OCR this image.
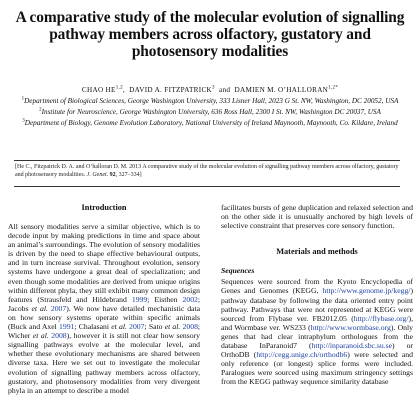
A comparative study of the molecular evolution of signalling pathway members across olfactory, gustatory and photosensory modalities
CHAO HE$^{1,2}$,  DAVID A. FITZPATRICK$^3$  and  DAMIEN M. $O’HALLORAN^{1,2*}$
$^1$Department of Biological Sciences, George Washington University, 333 Lisner Hall, 2023 G St. NW, Washington, DC 20052, USA
$^2$Institute for Neuroscience, George Washington University, 636 Ross Hall, 2300 I St. NW, Washington DC 20037, USA
$^3$Department of Biology, Genome Evolution Laboratory, National University of Ireland Maynooth, Maynooth, Co. Kildare, Ireland
[He C., Fitzpatrick D. A. and O’halloran D. M. 2013 A comparative study of the molecular evolution of signalling pathway members across olfactory, gustatory and photosensory modalities. J. Genet. 92, 327–334]
Introduction

All sensory modalities serve a similar objective, which is to decode input by making predictions in time and space about an animal’s surroundings. The evolution of sensory modalities is driven by the need to shape effective behavioural outputs, and in turn increase survival. Throughout evolution, sensory systems have undergone a great deal of specialization; and even though some modalities are derived from unique origins within different phyla, they still exhibit many common design features (Strausfeld and Hildebrand 1999; Eisthen 2002; Jacobs et al. 2007). We now have detailed mechanistic data on how sensory systems operate within specific animals (Buck and Axel 1991; Chalasani et al. 2007; Sato et al. 2008; Wicher et al. 2008), however it is still not clear how sensory signalling pathways evolve at the molecular level, and whether these evolutionary mechanisms are shared between diverse taxa. Here we set out to investigate the molecular evolution of signalling pathway members across olfactory, gustatory, and photosensory modalities from very divergent phyla in an attempt to describe a model

facilitates bursts of gene duplication and relaxed selection and on the other side it is unusually anchored by high levels of selective constraint that preserves core sensory function.

Materials and methods
Sequences

Sequences were sourced from the Kyoto Encyclopedia of Genes and Genomes (KEGG, http://www.genome.jp/kegg/) pathway database by following the data oriented entry point pathway. Pathways that were not represented at KEGG were sourced from Flybase ver. FB2012.05 (http://flybase.org/), and Wormbase ver. WS233 (http://www.wormbase.org). Only genes that had clear intraphylum orthologues from the database InParanoid7 (http://inparanoid.sbc.su.se) or OrthoDB (http://cegg.unige.ch/orthodb6) were selected and only reference (or longest) splice forms were included. Paralogues were sourced using maximum stringency settings from the KEGG pathway sequence similarity database
